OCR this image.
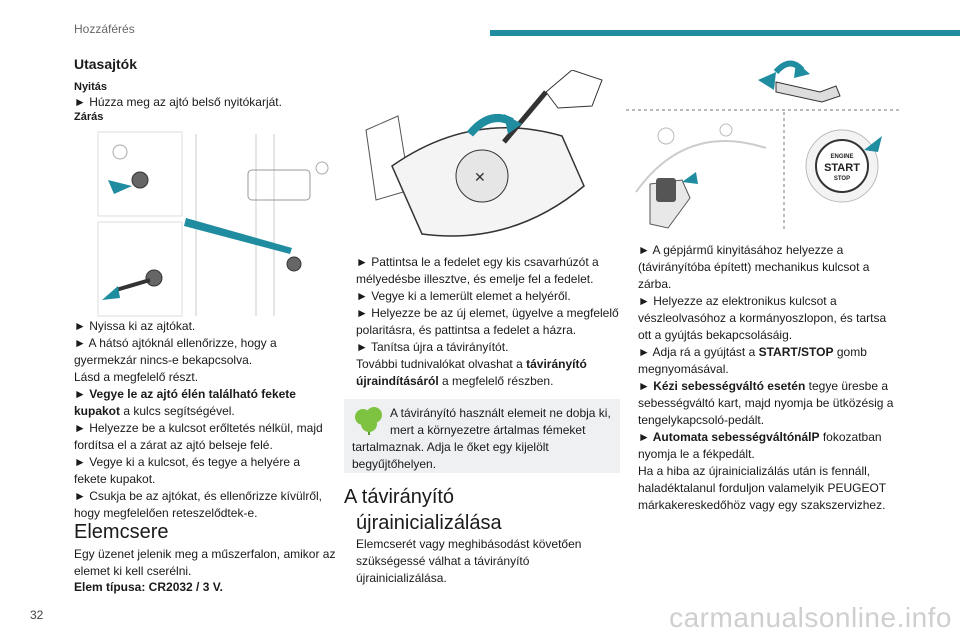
Hozzáférés
Utasajtók
Nyitás
► Húzza meg az ajtó belső nyitókarját.
Zárás
► Nyissa ki az ajtókat.
► A hátsó ajtóknál ellenőrizze, hogy a gyermekzár nincs-e bekapcsolva.
Lásd a megfelelő részt.
► Vegye le az ajtó élén található fekete kupakot a kulcs segítségével.
► Helyezze be a kulcsot erőltetés nélkül, majd fordítsa el a zárat az ajtó belseje felé.
► Vegye ki a kulcsot, és tegye a helyére a fekete kupakot.
► Csukja be az ajtókat, és ellenőrizze kívülről, hogy megfelelően reteszelődtek-e.
Elemcsere
Egy üzenet jelenik meg a műszerfalon, amikor az elemet ki kell cserélni.
Elem típusa: CR2032 / 3 V.
✕
► Pattintsa le a fedelet egy kis csavarhúzót a mélyedésbe illesztve, és emelje fel a fedelet.
► Vegye ki a lemerült elemet a helyéről.
► Helyezze be az új elemet, ügyelve a megfelelő polaritásra, és pattintsa a fedelet a házra.
► Tanítsa újra a távirányítót.
További tudnivalókat olvashat a távirányító újraindításáról a megfelelő részben.
A távirányító használt elemeit ne dobja ki, mert a környezetre ártalmas fémeket tartalmaznak. Adja le őket egy kijelölt begyűjtőhelyen.
A távirányító
újrainicializálása
Elemcserét vagy meghibásodást követően szükségessé válhat a távirányító újrainicializálása.
ENGINE
START
STOP
► A gépjármű kinyitásához helyezze a (távirányítóba épített) mechanikus kulcsot a zárba.
► Helyezze az elektronikus kulcsot a vészleolvasóhoz a kormányoszlopon, és tartsa ott a gyújtás bekapcsolásáig.
► Adja rá a gyújtást a START/STOP gomb megnyomásával.
► Kézi sebességváltó esetén tegye üresbe a sebességváltó kart, majd nyomja be ütközésig a tengelykapcsoló-pedált.
► Automata sebességváltónálP fokozatban nyomja le a fékpedált.
Ha a hiba az újrainicializálás után is fennáll, haladéktalanul forduljon valamelyik PEUGEOT márkakereskedőhöz vagy egy szakszervizhez.
32	carmanualsonline.info
